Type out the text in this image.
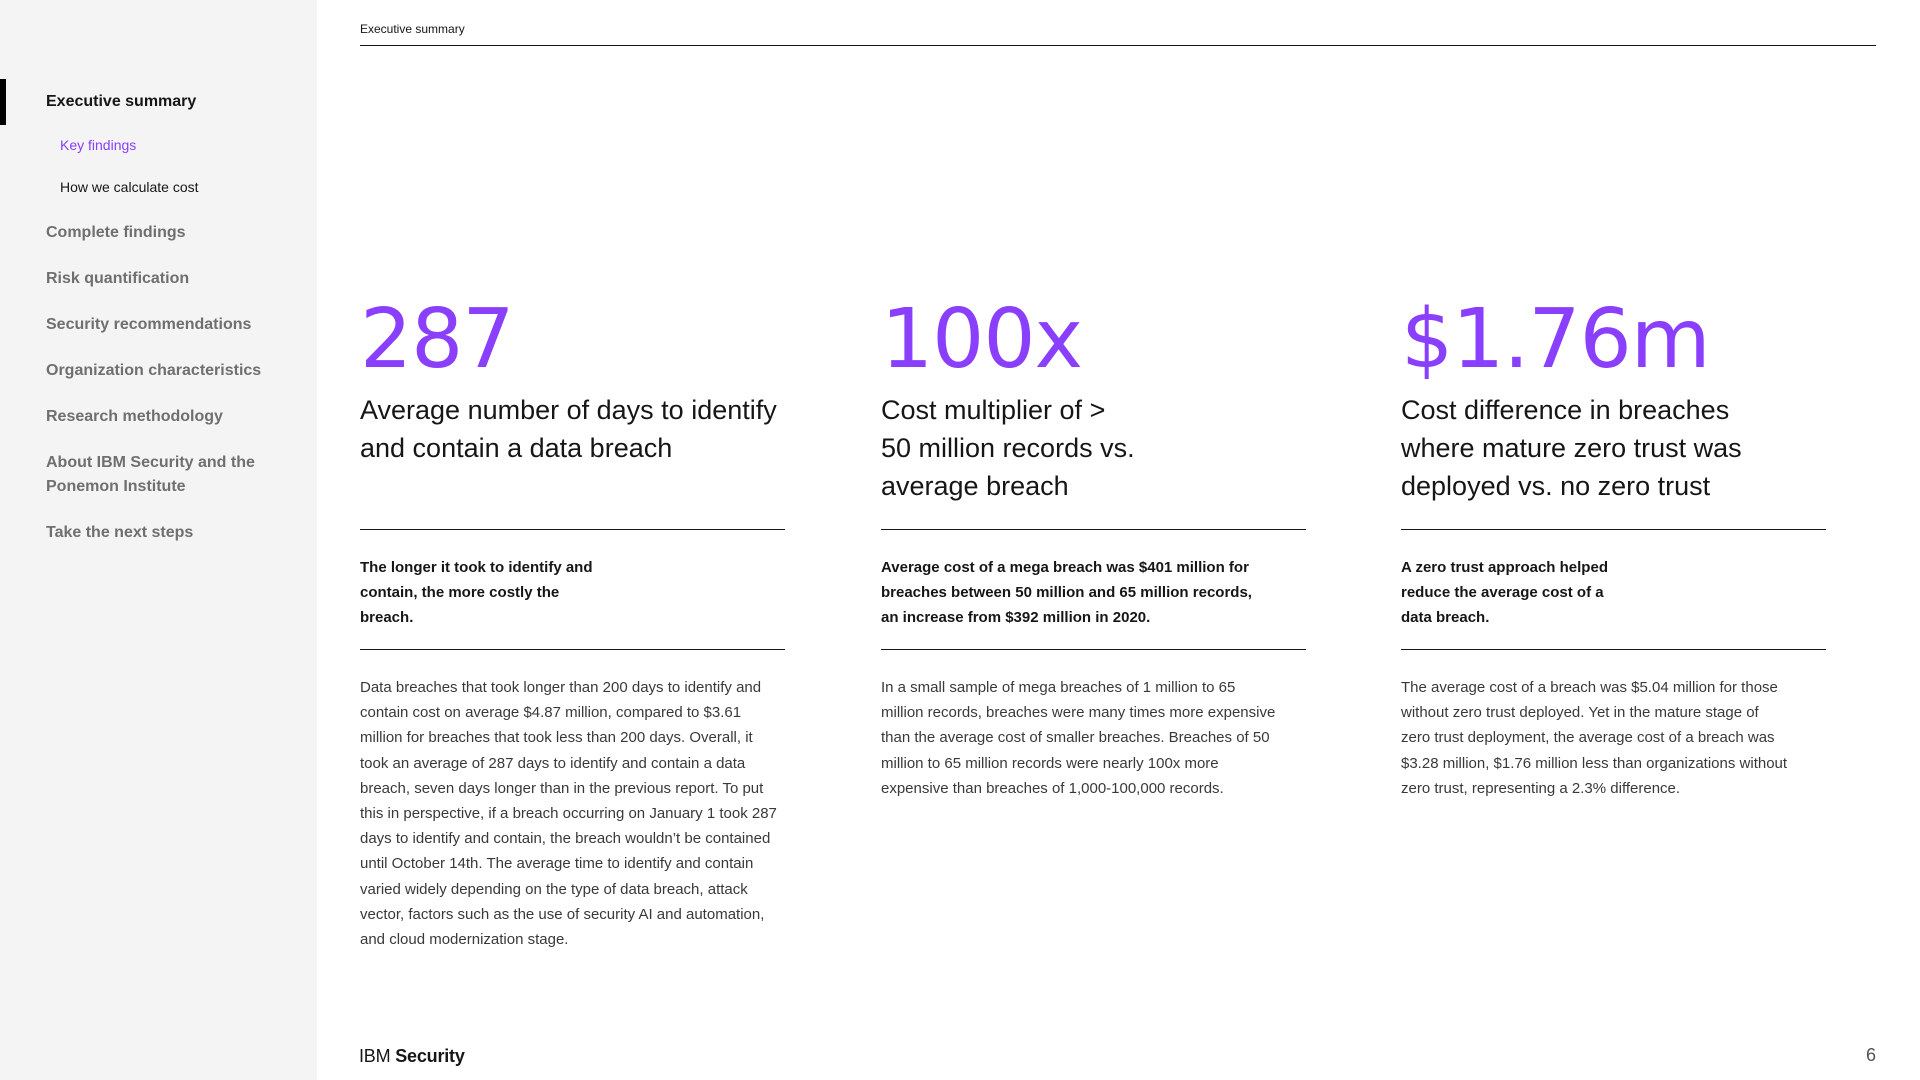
Executive summary
Key findings
How we calculate cost
Complete findings
Risk quantification
Security recommendations
Organization characteristics
Research methodology
About IBM Security and the Ponemon Institute
Take the next steps
Executive summary
287
Average number of days to identify and contain a data breach
The longer it took to identify and contain, the more costly the breach.
Data breaches that took longer than 200 days to identify and contain cost on average $4.87 million, compared to $3.61 million for breaches that took less than 200 days. Overall, it took an average of 287 days to identify and contain a data breach, seven days longer than in the previous report. To put this in perspective, if a breach occurring on January 1 took 287 days to identify and contain, the breach wouldn’t be contained until October 14th. The average time to identify and contain varied widely depending on the type of data breach, attack vector, factors such as the use of security AI and automation, and cloud modernization stage.
100x
Cost multiplier of > 50 million records vs. average breach
Average cost of a mega breach was $401 million for breaches between 50 million and 65 million records, an increase from $392 million in 2020.
In a small sample of mega breaches of 1 million to 65 million records, breaches were many times more expensive than the average cost of smaller breaches. Breaches of 50 million to 65 million records were nearly 100x more expensive than breaches of 1,000-100,000 records.
$1.76m
Cost difference in breaches where mature zero trust was deployed vs. no zero trust
A zero trust approach helped reduce the average cost of a data breach.
The average cost of a breach was $5.04 million for those without zero trust deployed. Yet in the mature stage of zero trust deployment, the average cost of a breach was $3.28 million, $1.76 million less than organizations without zero trust, representing a 2.3% difference.
IBM Security	6
